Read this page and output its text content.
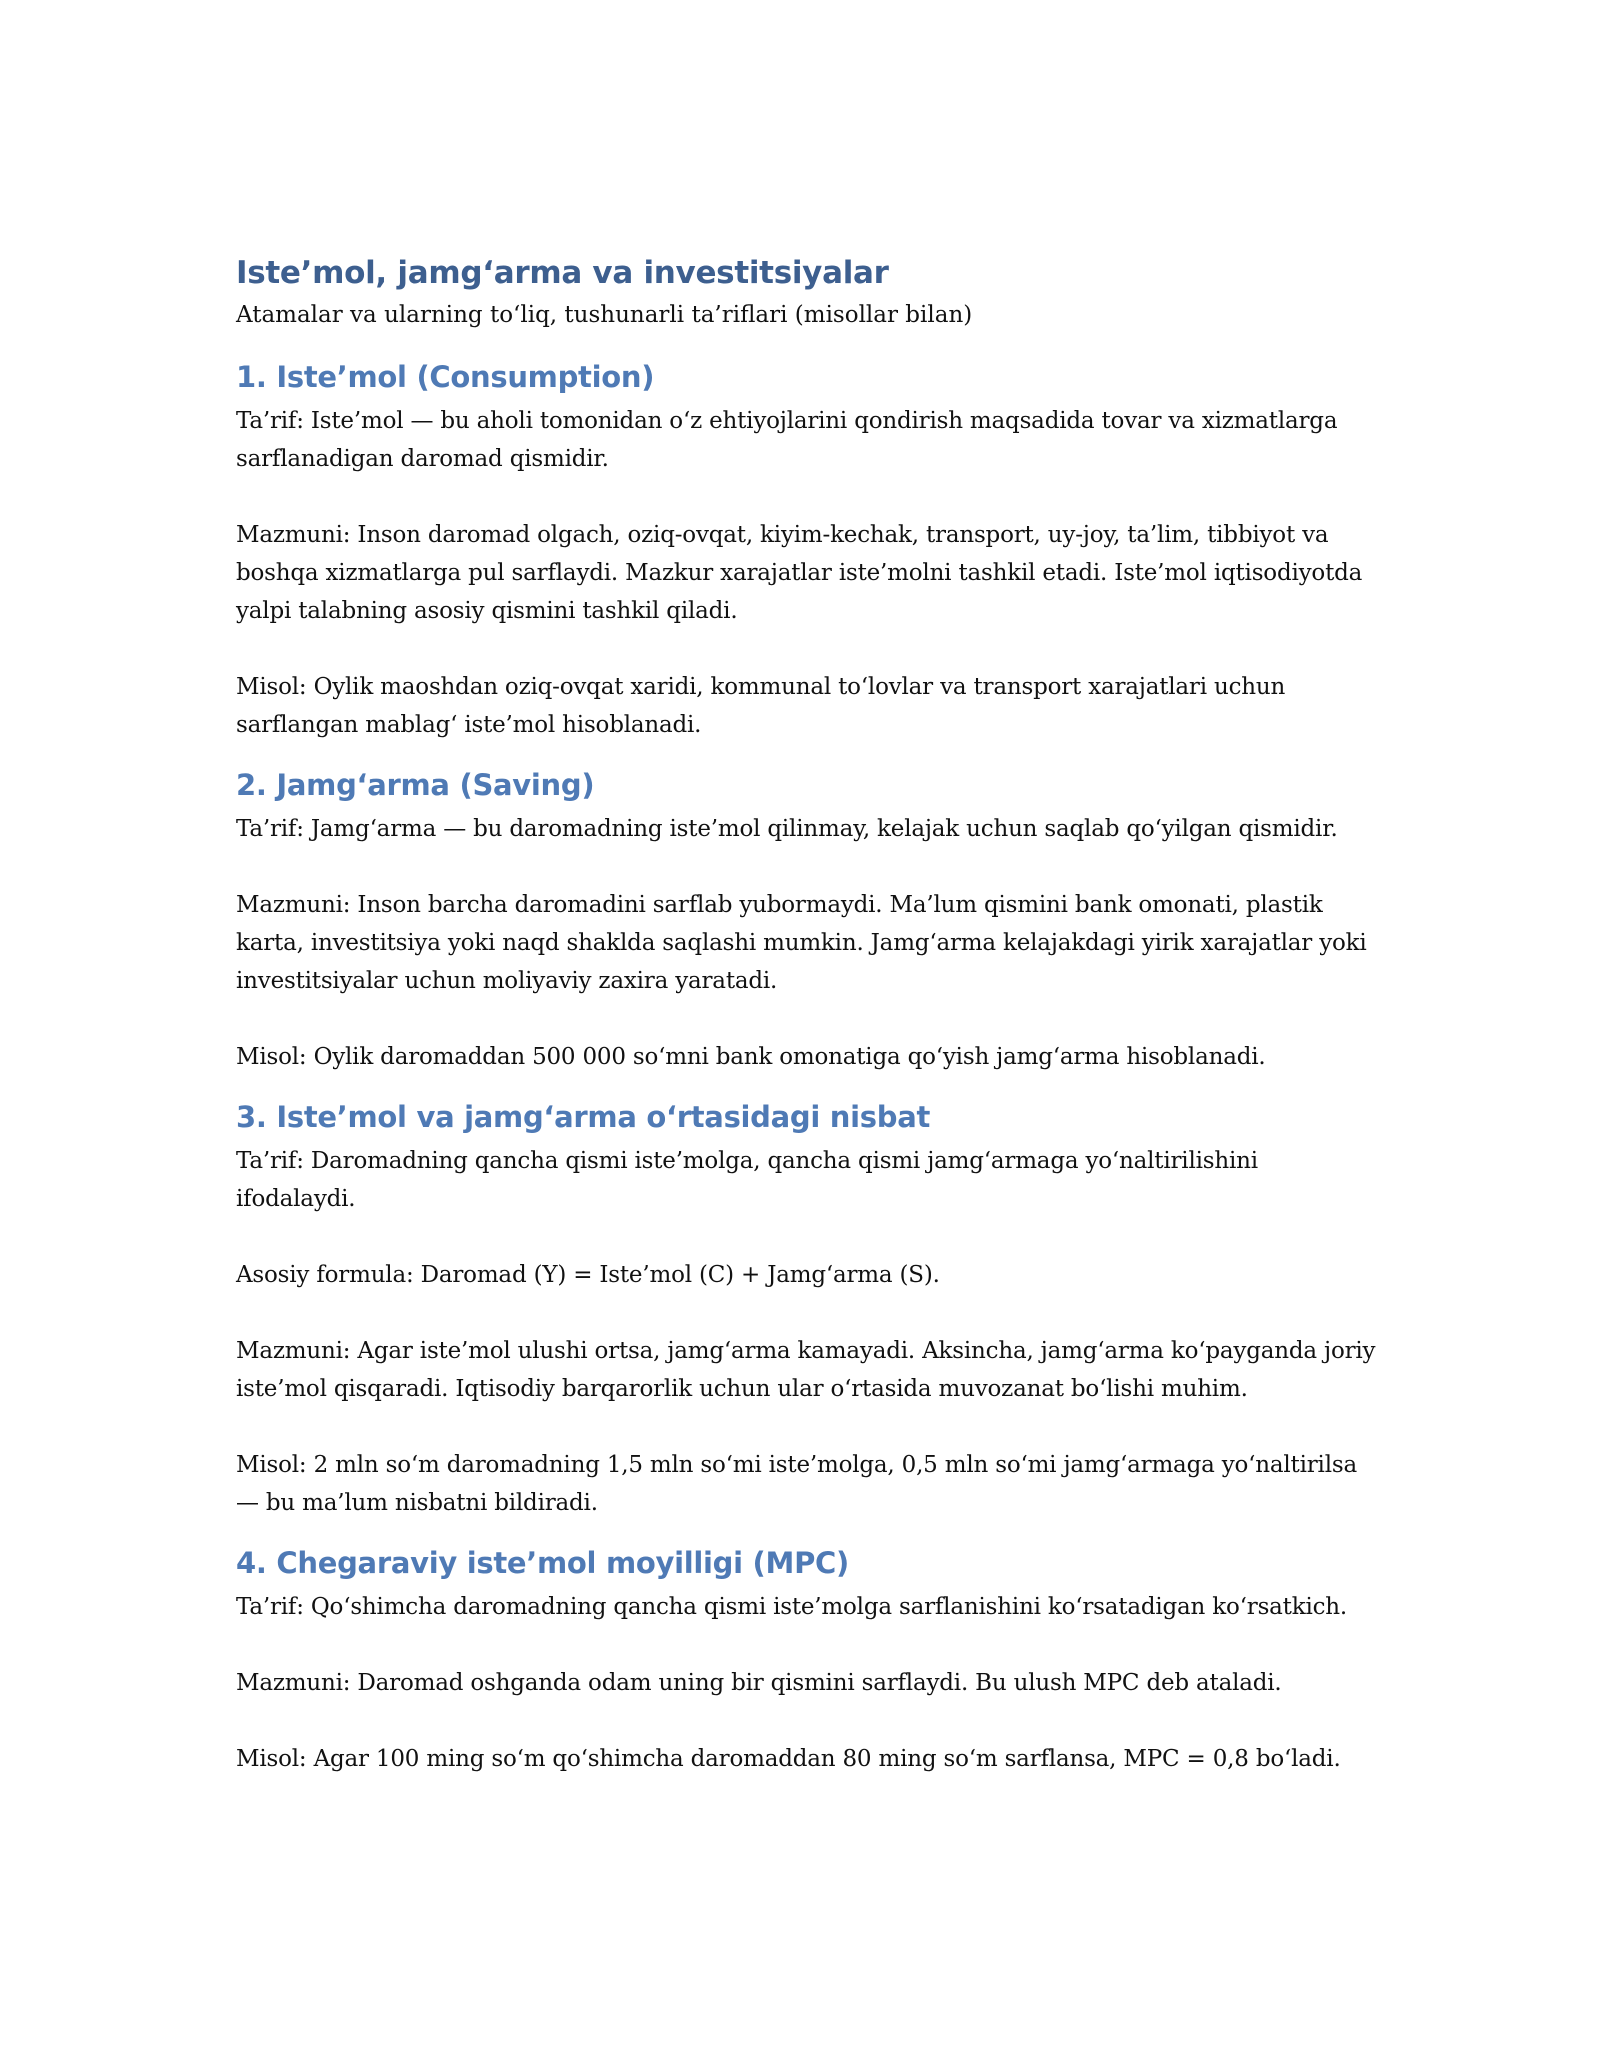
Iste’mol, jamg‘arma va investitsiyalar

Atamalar va ularning to‘liq, tushunarli ta’riflari (misollar bilan)

1. Iste’mol (Consumption)

Ta’rif: Iste’mol — bu aholi tomonidan o‘z ehtiyojlarini qondirish maqsadida tovar va xizmatlarga sarflanadigan daromad qismidir.

Mazmuni: Inson daromad olgach, oziq-ovqat, kiyim-kechak, transport, uy-joy, ta’lim, tibbiyot va boshqa xizmatlarga pul sarflaydi. Mazkur xarajatlar iste’molni tashkil etadi. Iste’mol iqtisodiyotda yalpi talabning asosiy qismini tashkil qiladi.

Misol: Oylik maoshdan oziq-ovqat xaridi, kommunal to‘lovlar va transport xarajatlari uchun sarflangan mablag‘ iste’mol hisoblanadi.

2. Jamg‘arma (Saving)

Ta’rif: Jamg‘arma — bu daromadning iste’mol qilinmay, kelajak uchun saqlab qo‘yilgan qismidir.

Mazmuni: Inson barcha daromadini sarflab yubormaydi. Ma’lum qismini bank omonati, plastik karta, investitsiya yoki naqd shaklda saqlashi mumkin. Jamg‘arma kelajakdagi yirik xarajatlar yoki investitsiyalar uchun moliyaviy zaxira yaratadi.

Misol: Oylik daromaddan 500 000 so‘mni bank omonatiga qo‘yish jamg‘arma hisoblanadi.

3. Iste’mol va jamg‘arma o‘rtasidagi nisbat

Ta’rif: Daromadning qancha qismi iste’molga, qancha qismi jamg‘armaga yo‘naltirilishini ifodalaydi.

Asosiy formula: Daromad (Y) = Iste’mol (C) + Jamg‘arma (S).

Mazmuni: Agar iste’mol ulushi ortsa, jamg‘arma kamayadi. Aksincha, jamg‘arma ko‘payganda joriy iste’mol qisqaradi. Iqtisodiy barqarorlik uchun ular o‘rtasida muvozanat bo‘lishi muhim.

Misol: 2 mln so‘m daromadning 1,5 mln so‘mi iste’molga, 0,5 mln so‘mi jamg‘armaga yo‘naltirilsa — bu ma’lum nisbatni bildiradi.

4. Chegaraviy iste’mol moyilligi (MPC)

Ta’rif: Qo‘shimcha daromadning qancha qismi iste’molga sarflanishini ko‘rsatadigan ko‘rsatkich.

Mazmuni: Daromad oshganda odam uning bir qismini sarflaydi. Bu ulush MPC deb ataladi.

Misol: Agar 100 ming so‘m qo‘shimcha daromaddan 80 ming so‘m sarflansa, MPC = 0,8 bo‘ladi.
